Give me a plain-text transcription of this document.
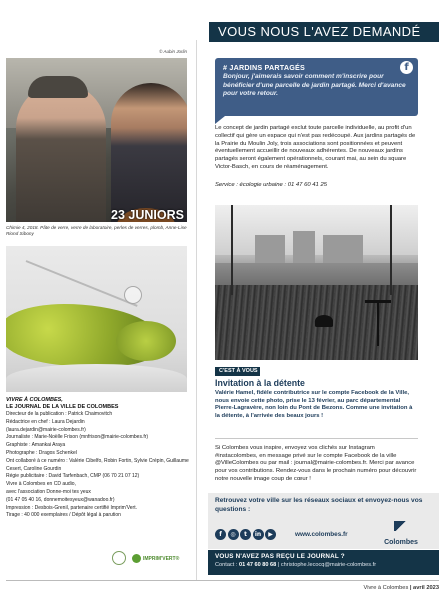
© Aubin Jorlin
23 JUNIORS
Chimie 4, 2018. Pâte de verre, verre de laboratoire, perles de verres, plomb, Anne-Lise Riond Sibony
VIVRE À COLOMBES,
LE JOURNAL DE LA VILLE DE COLOMBES
Directeur de la publication : Patrick Chaimovitch
Rédactrice en chef : Laura Dejardin
(laura.dejardin@mairie-colombes.fr)
Journaliste : Marie-Noëlle Frison (mnfrison@mairie-colombes.fr)
Graphiste : Amankai Araya
Photographe : Dragos Schenkel
Ont collaboré à ce numéro : Valérie Cibelfo, Robin Fortin, Sylvie Crépin, Guillaume Cesert, Caroline Gourdin
Régie publicitaire : David Tarfenbach, CMP (06 70 21 07 12)
Vivre à Colombes en CD audio,
avec l'association Donne-moi tes yeux
(01 47 05 40 16, donnemoitesyeux@wanadoo.fr)
Impression : Desbois-Grenil, partenaire certifié Imprim'Vert.
Tirage : 40 000 exemplaires / Dépôt légal à parution
IMPRIM'VERT®
VOUS NOUS L'AVEZ DEMANDÉ
# JARDINS PARTAGÉS
Bonjour, j'aimerais savoir comment m'inscrire pour bénéficier d'une parcelle de jardin partagé. Merci d'avance pour votre retour.
f
Le concept de jardin partagé exclut toute parcelle individuelle, au profit d'un collectif qui gère un espace qui n'est pas redécoupé. Aux jardins partagés de la Prairie du Moulin Joly, trois associations sont positionnées et peuvent éventuellement accueillir de nouveaux adhérentes. De nouveaux jardins partagés seront également opérationnels, courant mai, au sein du square Victor-Basch, en cours de réaménagement.
Service : écologie urbaine : 01 47 60 41 25
C'EST À VOUS
Invitation à la détente
Valérie Hamel, fidèle contributrice sur le compte Facebook de la Ville, nous envoie cette photo, prise le 13 février, au parc départemental Pierre-Lagravère, non loin du Pont de Bezons. Comme une invitation à la détente, à l'arrivée des beaux jours !
Si Colombes vous inspire, envoyez vos clichés sur Instagram #instacolombes, en message privé sur le compte Facebook de la ville @VilleColombes ou par mail : journal@mairie-colombes.fr. Merci par avance pour vos contributions. Rendez-vous dans le prochain numéro pour découvrir notre nouvelle image coup de cœur !
Retrouvez votre ville sur les réseaux sociaux et envoyez-nous vos questions :
f ◎ t in ▶	www.colombes.fr
Colombes
VOUS N'AVEZ PAS REÇU LE JOURNAL ?
Contact : 01 47 60 80 68 | christophe.lecocq@mairie-colombes.fr
Vivre à Colombes | avril 2023
